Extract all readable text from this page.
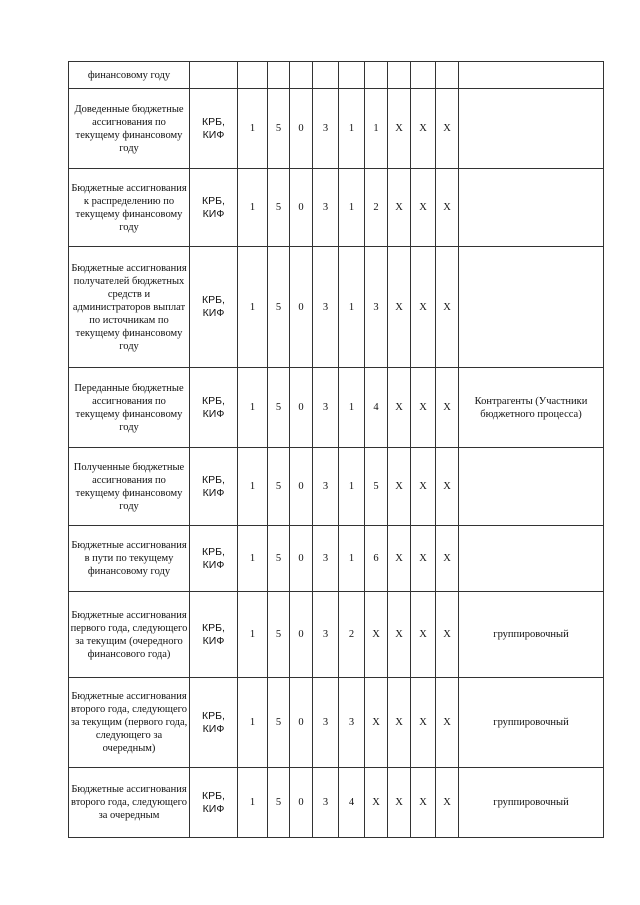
финансовому году											
Доведенные бюджетные ассигнования по текущему финансовому году	КРБ, КИФ	1	5	0	3	1	1	X	X	X	
Бюджетные ассигнования к распределению по текущему финансовому году	КРБ, КИФ	1	5	0	3	1	2	X	X	X	
Бюджетные ассигнования получателей бюджетных средств и администраторов выплат по источникам по текущему финансовому году	КРБ, КИФ	1	5	0	3	1	3	X	X	X	
Переданные бюджетные ассигнования по текущему финансовому году	КРБ, КИФ	1	5	0	3	1	4	X	X	X	Контрагенты (Участники бюджетного процесса)
Полученные бюджетные ассигнования по текущему финансовому году	КРБ, КИФ	1	5	0	3	1	5	X	X	X	
Бюджетные ассигнования в пути по текущему финансовому году	КРБ, КИФ	1	5	0	3	1	6	X	X	X	
Бюджетные ассигнования первого года, следующего за текущим (очередного финансового года)	КРБ, КИФ	1	5	0	3	2	X	X	X	X	группировочный
Бюджетные ассигнования второго года, следующего за текущим (первого года, следующего за очередным)	КРБ, КИФ	1	5	0	3	3	X	X	X	X	группировочный
Бюджетные ассигнования второго года, следующего за очередным	КРБ, КИФ	1	5	0	3	4	X	X	X	X	группировочный
